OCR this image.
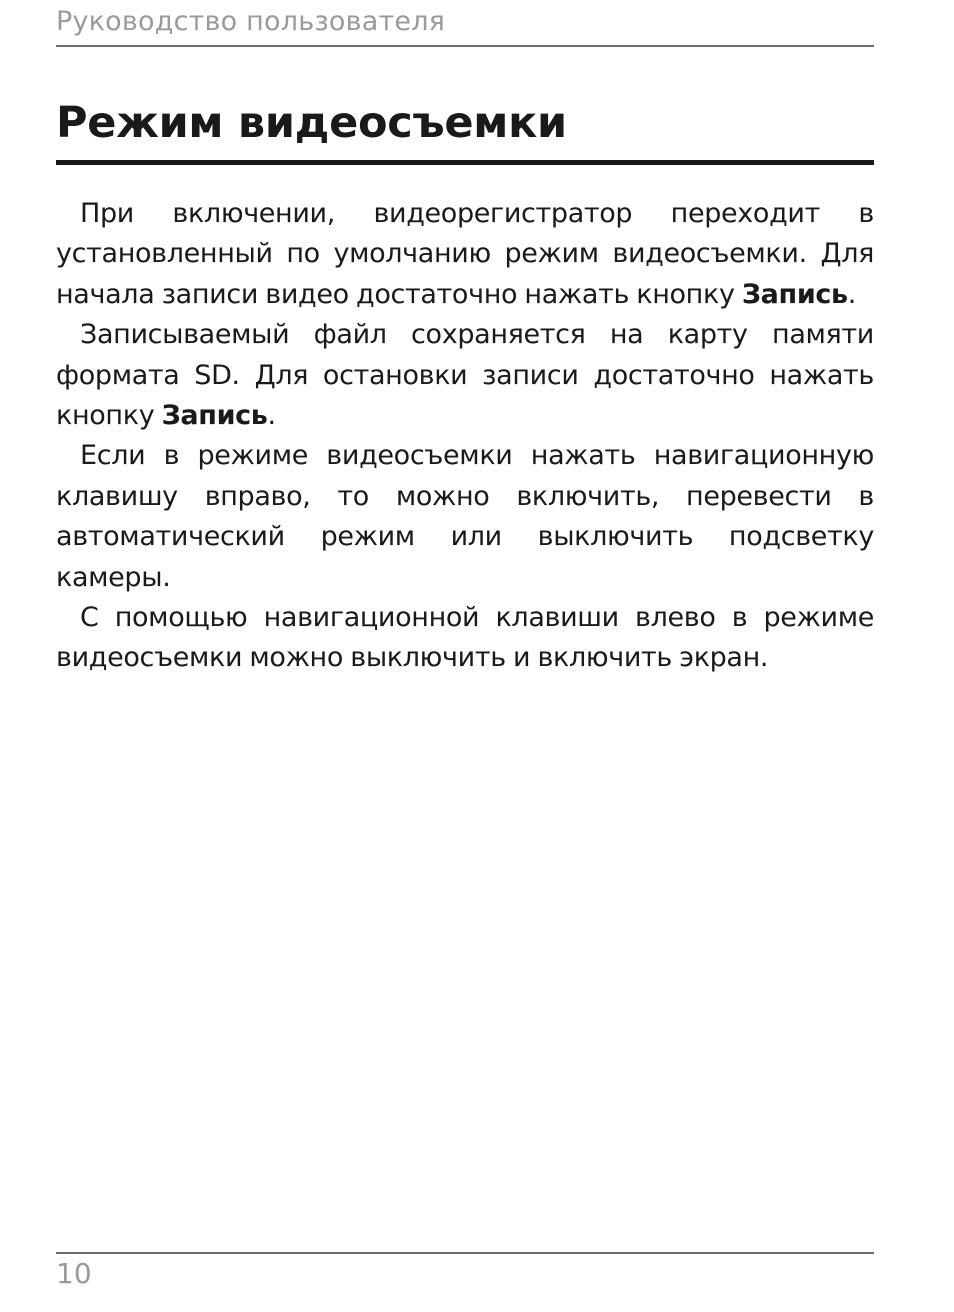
Руководство пользователя
Режим видеосъемки

При включении, видеорегистратор переходит в установленный по умолчанию режим видеосъемки. Для начала записи видео достаточно нажать кнопку Запись.

Записываемый файл сохраняется на карту памяти формата SD. Для остановки записи достаточно нажать кнопку Запись.

Если в режиме видеосъемки нажать навигационную клавишу вправо, то можно включить, перевести в автоматический режим или выключить подсветку камеры.

С помощью навигационной клавиши влево в режиме видеосъемки можно выключить и включить экран.

10
